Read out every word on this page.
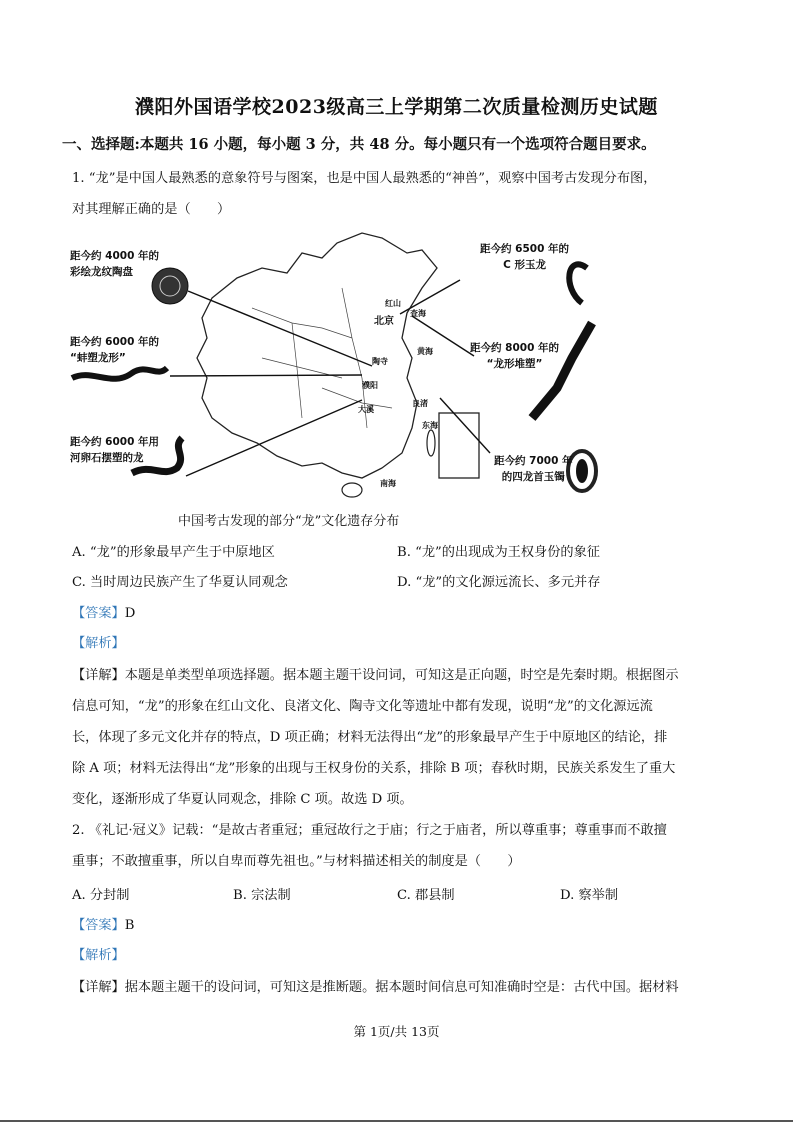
濮阳外国语学校2023级高三上学期第二次质量检测历史试题
一、选择题:本题共 16 小题，每小题 3 分，共 48 分。每小题只有一个选项符合题目要求。
1. “龙”是中国人最熟悉的意象符号与图案，也是中国人最熟悉的“神兽”，观察中国考古发现分布图，
对其理解正确的是（　　）
距今约 4000 年的
彩绘龙纹陶盘
距今约 6000 年的
“蚌塑龙形”
距今约 6000 年用
河卵石摆塑的龙
距今约 6500 年的
C 形玉龙
距今约 8000 年的
“龙形堆塑”
距今约 7000 年
的四龙首玉镯
红山
北京
查海
陶寺
濮阳
大溪
良渚
黄海
东海
南海
中国考古发现的部分“龙”文化遗存分布
A. “龙”的形象最早产生于中原地区	B. “龙”的出现成为王权身份的象征
C. 当时周边民族产生了华夏认同观念	D. “龙”的文化源远流长、多元并存
【答案】D
【解析】
【详解】本题是单类型单项选择题。据本题主题干设问词，可知这是正向题，时空是先秦时期。根据图示
信息可知，“龙”的形象在红山文化、良渚文化、陶寺文化等遗址中都有发现，说明“龙”的文化源远流
长，体现了多元文化并存的特点，D 项正确；材料无法得出“龙”的形象最早产生于中原地区的结论，排
除 A 项；材料无法得出“龙”形象的出现与王权身份的关系，排除 B 项；春秋时期，民族关系发生了重大
变化，逐渐形成了华夏认同观念，排除 C 项。故选 D 项。
2. 《礼记·冠义》记载：“是故古者重冠；重冠故行之于庙；行之于庙者，所以尊重事；尊重事而不敢擅
重事；不敢擅重事，所以自卑而尊先祖也。”与材料描述相关的制度是（　　）
A. 分封制	B. 宗法制	C. 郡县制	D. 察举制
【答案】B
【解析】
【详解】据本题主题干的设问词，可知这是推断题。据本题时间信息可知准确时空是：古代中国。据材料
第 1页/共 13页
